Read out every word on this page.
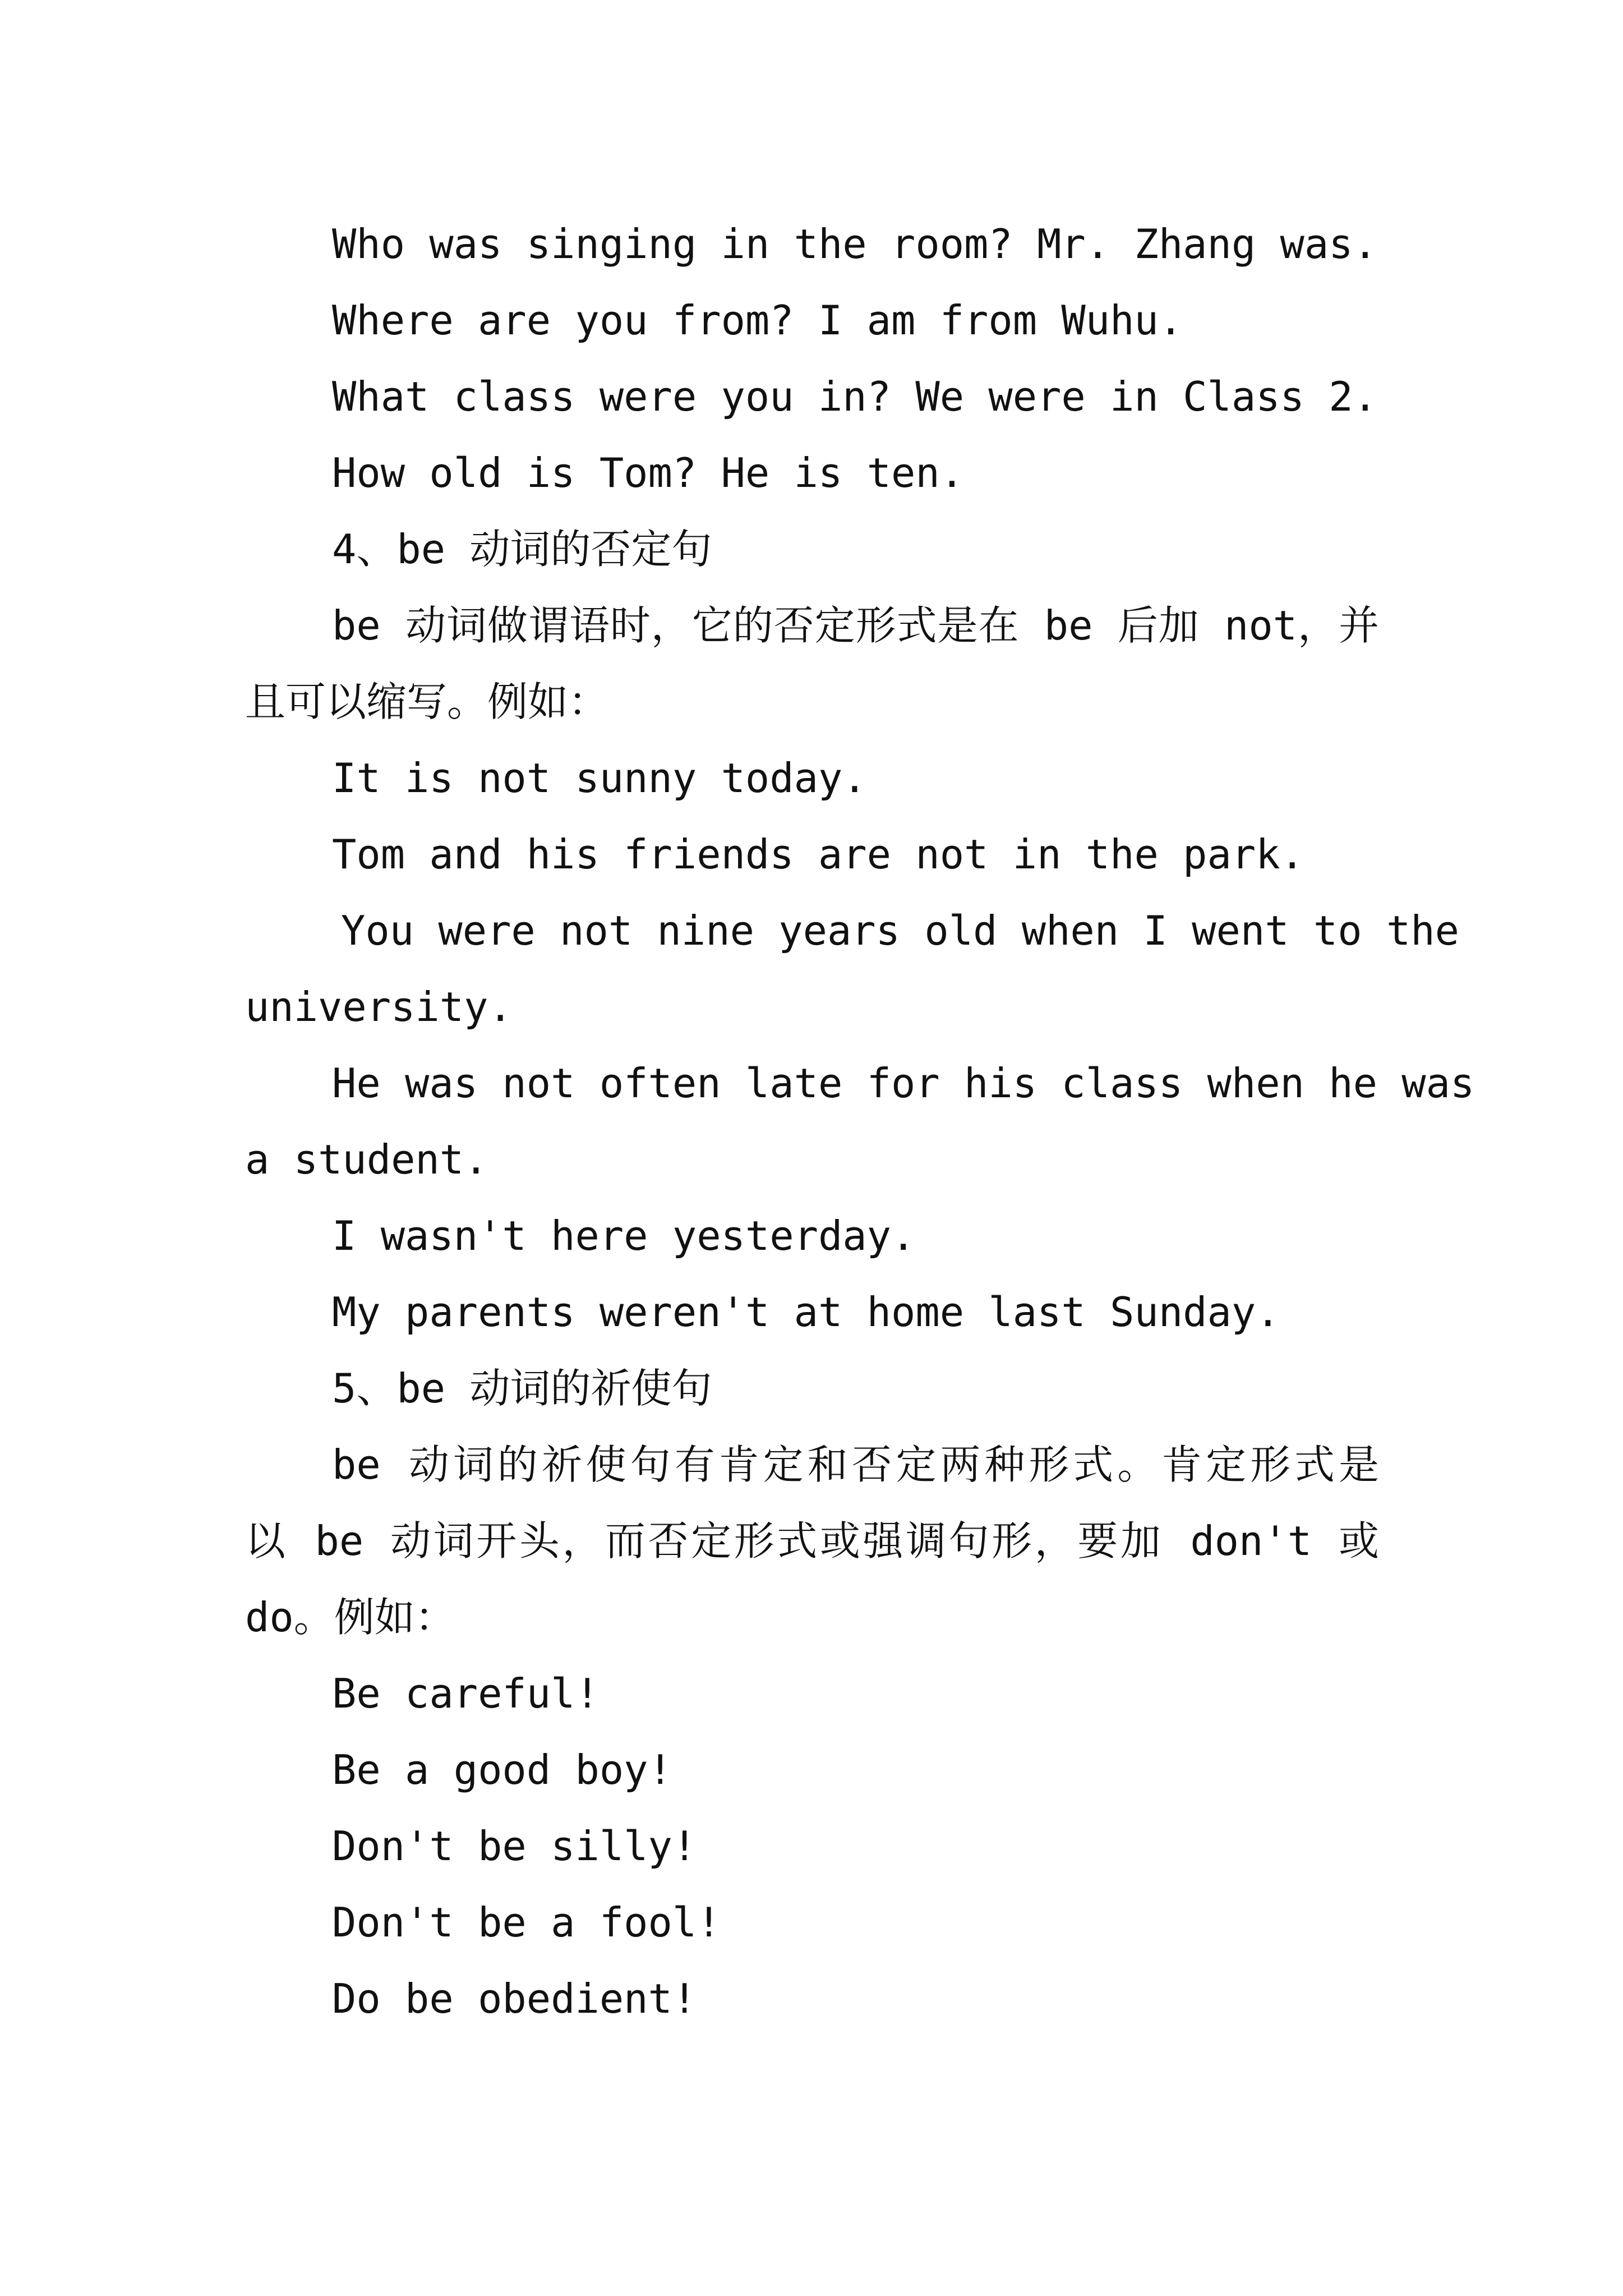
Who was singing in the room? Mr. Zhang was.
Where are you from? I am from Wuhu.
What class were you in? We were in Class 2.
How old is Tom? He is ten.
4、be 动词的否定句
be 动词做谓语时，它的否定形式是在 be 后加 not，并
且可以缩写。例如：
It is not sunny today.
Tom and his friends are not in the park.
You were not nine years old when I went to the
university.
He was not often late for his class when he was
a student.
I wasn't here yesterday.
My parents weren't at home last Sunday.
5、be 动词的祈使句
be 动词的祈使句有肯定和否定两种形式。肯定形式是
以 be 动词开头，而否定形式或强调句形，要加 don't 或
do。例如：
Be careful!
Be a good boy!
Don't be silly!
Don't be a fool!
Do be obedient!
